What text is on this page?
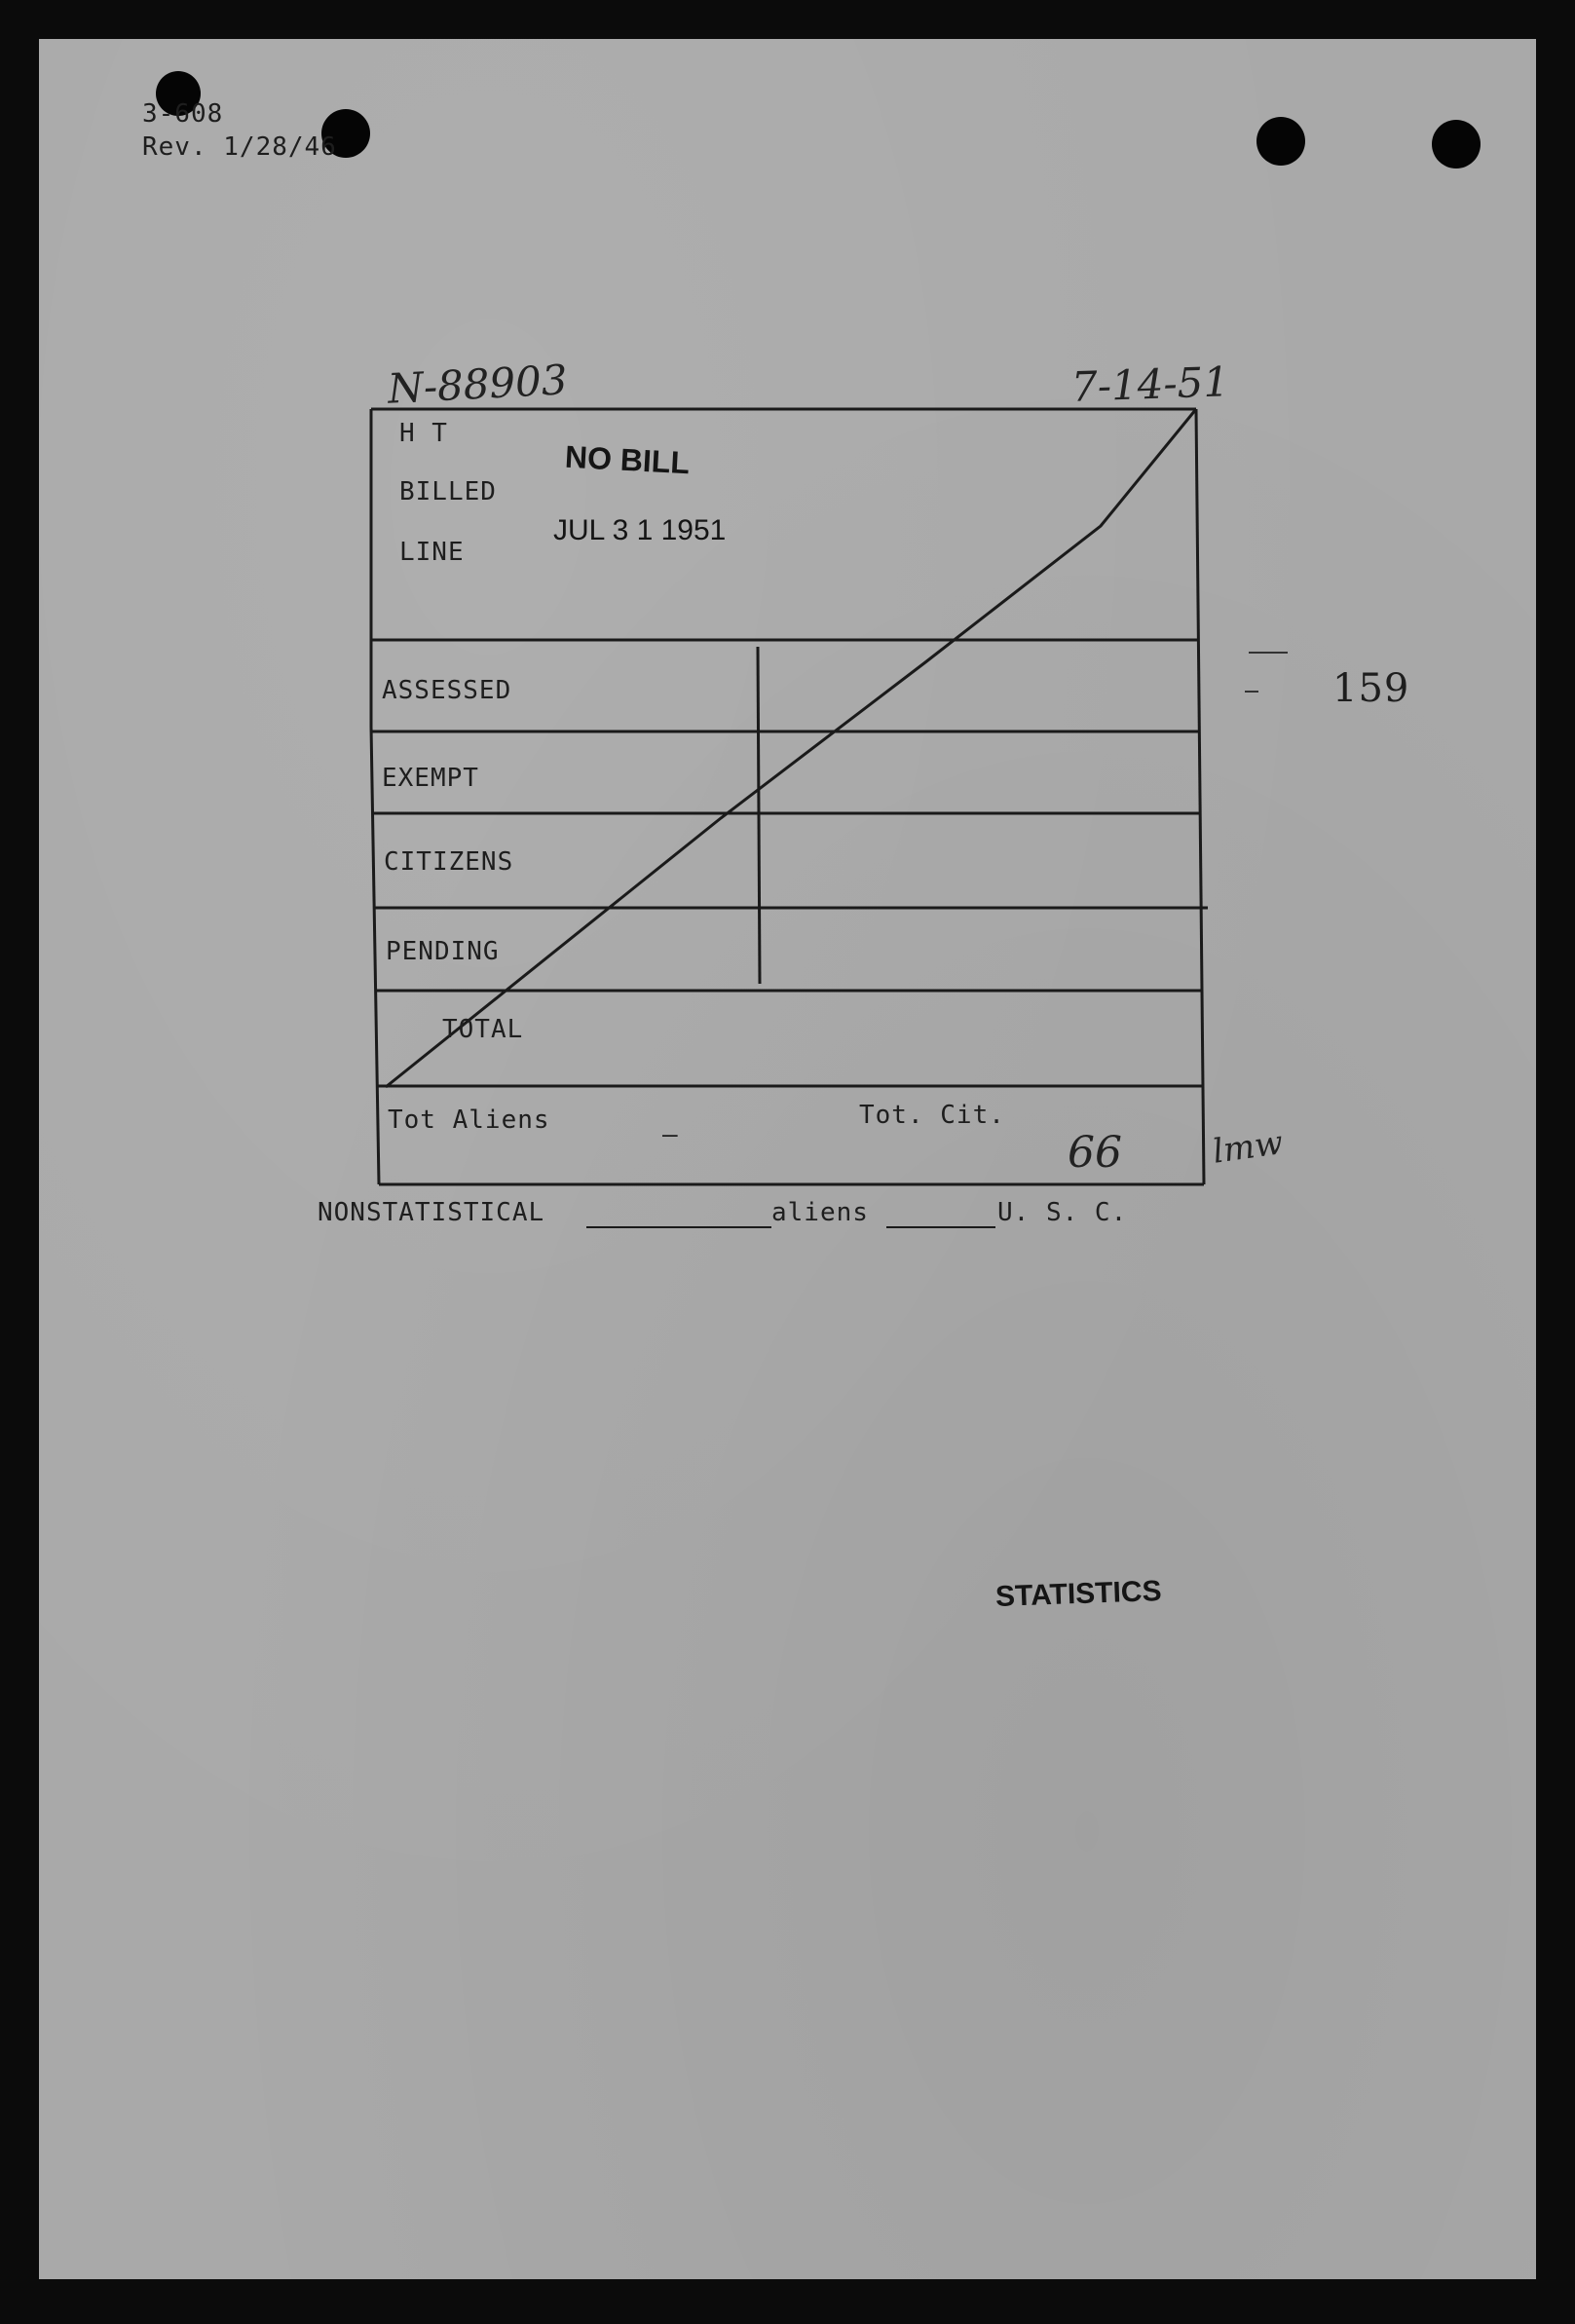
3-608
Rev. 1/28/46
N-88903	7-14-51
H T
BILLED
LINE
NO BILL
JUL 3 1 1951
ASSESSED
EXEMPT
CITIZENS
PENDING
TOTAL
Tot Aliens	Tot. Cit.
–	66	lmw
159
NONSTATISTICAL	aliens	U. S. C.
STATISTICS
